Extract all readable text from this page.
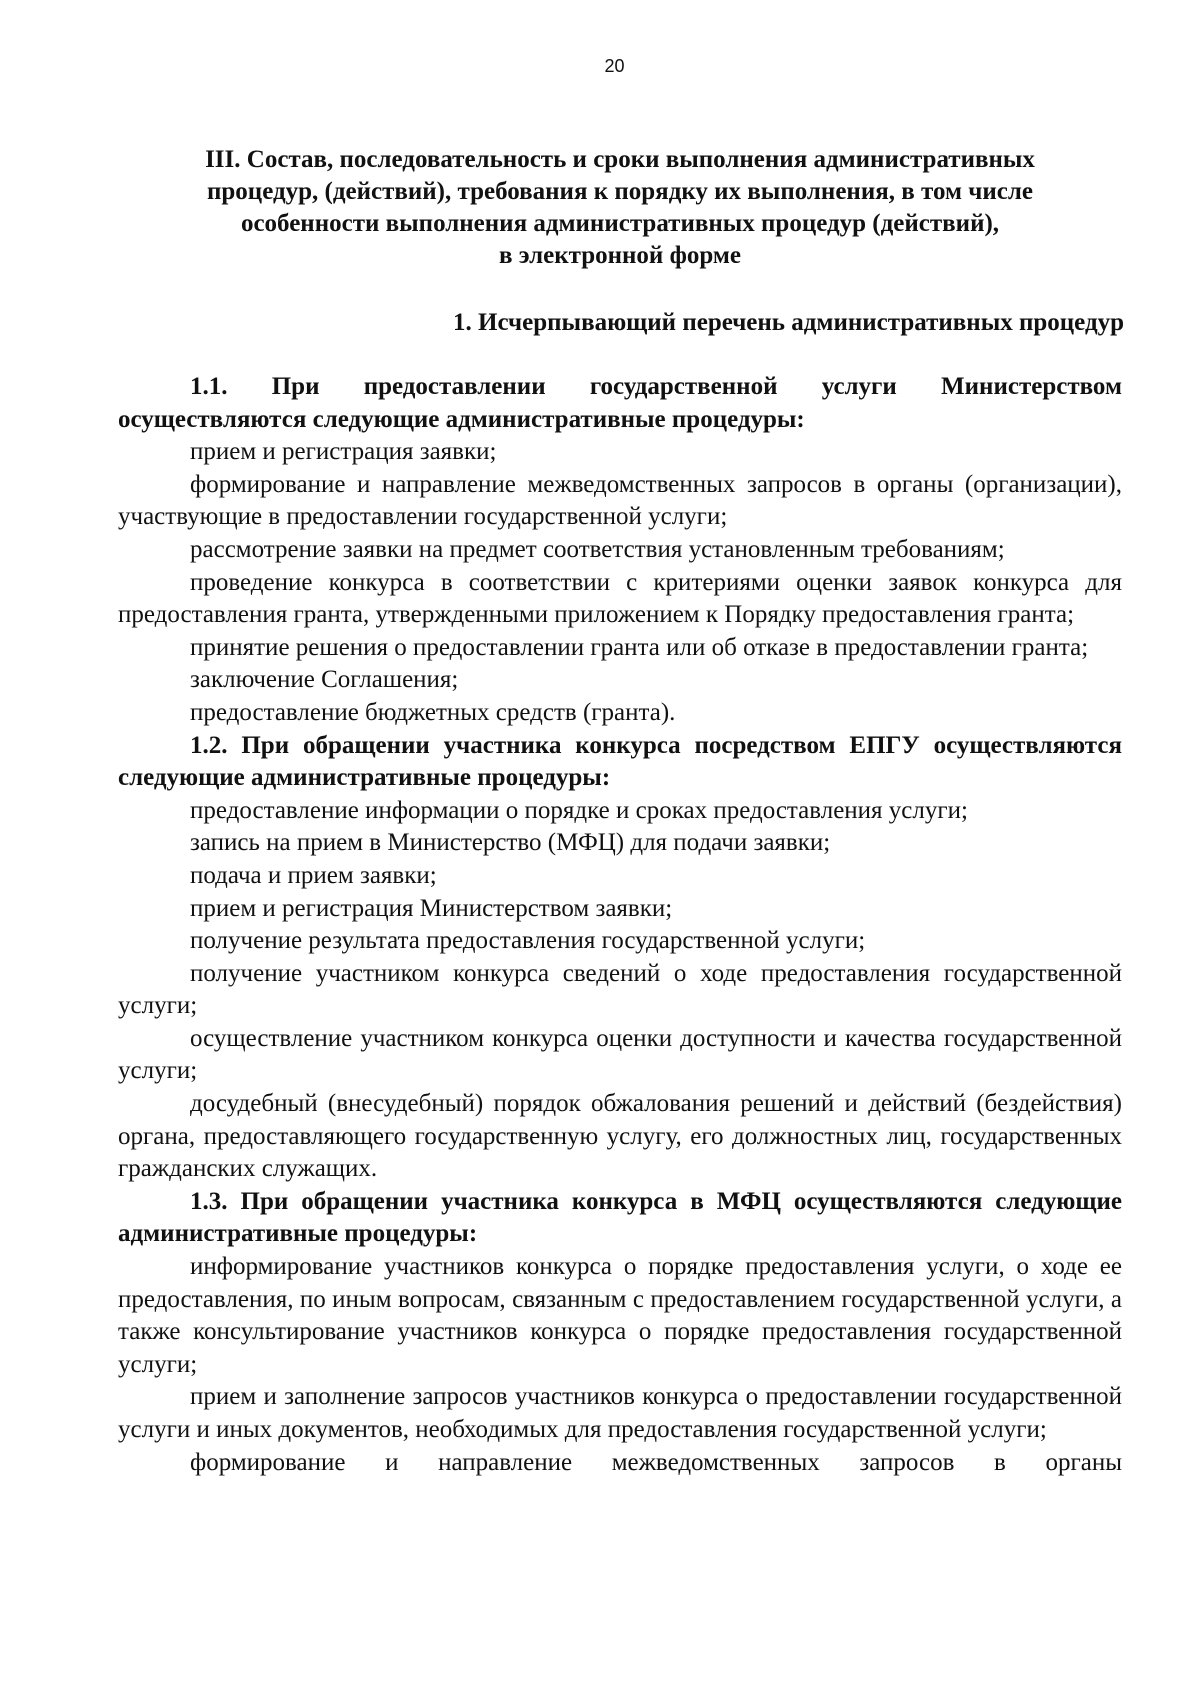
20
III. Состав, последовательность и сроки выполнения административных
процедур, (действий), требования к порядку их выполнения, в том числе
особенности выполнения административных процедур (действий),
в электронной форме
1. Исчерпывающий перечень административных процедур

1.1. При предоставлении государственной услуги Министерством осуществляются следующие административные процедуры:

прием и регистрация заявки;

формирование и направление межведомственных запросов в органы (организации), участвующие в предоставлении государственной услуги;

рассмотрение заявки на предмет соответствия установленным требованиям;

проведение конкурса в соответствии с критериями оценки заявок конкурса для предоставления гранта, утвержденными приложением к Порядку предоставления гранта;

принятие решения о предоставлении гранта или об отказе в предоставлении гранта;

заключение Соглашения;

предоставление бюджетных средств (гранта).

1.2. При обращении участника конкурса посредством ЕПГУ осуществляются следующие административные процедуры:

предоставление информации о порядке и сроках предоставления услуги;

запись на прием в Министерство (МФЦ) для подачи заявки;

подача и прием заявки;

прием и регистрация Министерством заявки;

получение результата предоставления государственной услуги;

получение участником конкурса сведений о ходе предоставления государственной услуги;

осуществление участником конкурса оценки доступности и качества государственной услуги;

досудебный (внесудебный) порядок обжалования решений и действий (бездействия) органа, предоставляющего государственную услугу, его должностных лиц, государственных гражданских служащих.

1.3. При обращении участника конкурса в МФЦ осуществляются следующие административные процедуры:

информирование участников конкурса о порядке предоставления услуги, о ходе ее предоставления, по иным вопросам, связанным с предоставлением государственной услуги, а также консультирование участников конкурса о порядке предоставления государственной услуги;

прием и заполнение запросов участников конкурса о предоставлении государственной услуги и иных документов, необходимых для предоставления государственной услуги;

формирование и направление межведомственных запросов в органы
